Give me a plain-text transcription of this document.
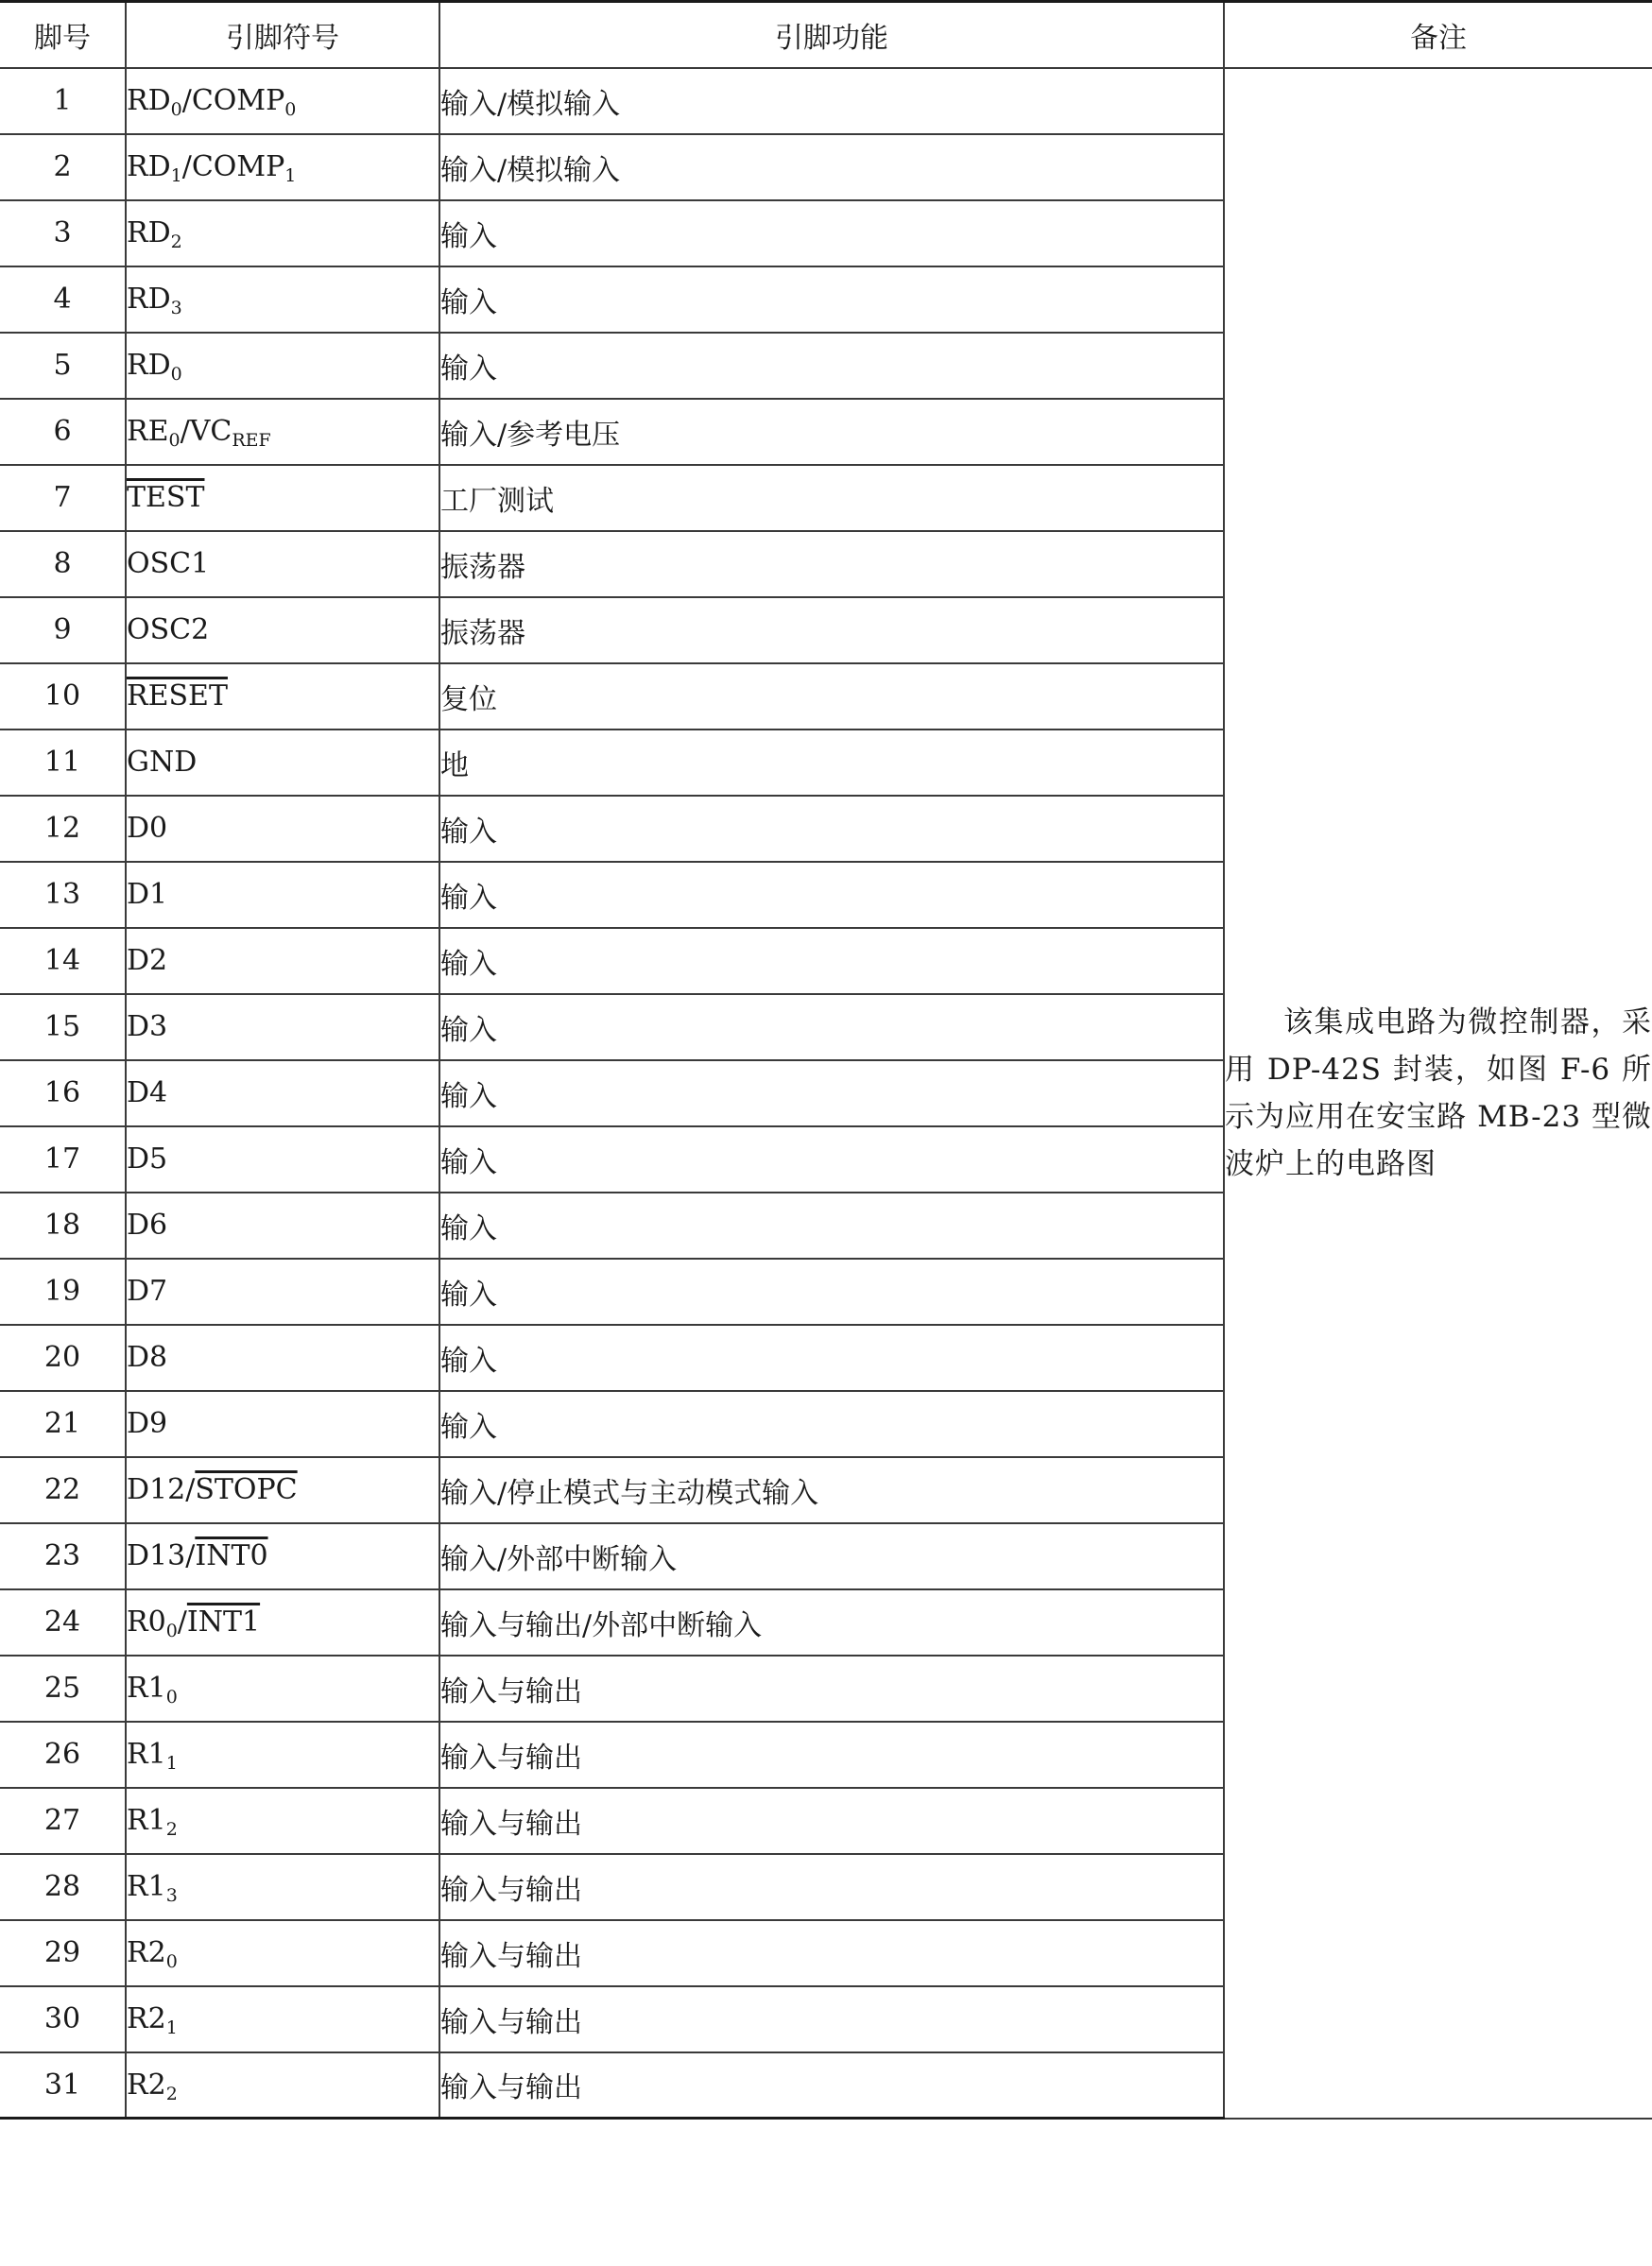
脚号	引脚符号	引脚功能	备注
1	$RD_0/COMP_0$	输入/模拟输入	该集成电路为微控制器，采用 DP-42S 封装，如图 F-6 所示为应用在安宝路 MB-23 型微波炉上的电路图

2	$RD_1/COMP_1$	输入/模拟输入	
3	$RD_2$	输入	
4	$RD_3$	输入	
5	$RD_0$	输入	
6	$RE_0/VC_{REF}$	输入/参考电压	
7	TEST	工厂测试	
8	OSC1	振荡器	
9	OSC2	振荡器	
10	RESET	复位	
11	GND	地	
12	D0	输入	
13	D1	输入	
14	D2	输入	
15	D3	输入	
16	D4	输入	
17	D5	输入	
18	D6	输入	
19	D7	输入	
20	D8	输入	
21	D9	输入	
22	D12/STOPC	输入/停止模式与主动模式输入	
23	D13/INT0	输入/外部中断输入	
24	$R0_0/INT1$	输入与输出/外部中断输入	
25	$R1_0$	输入与输出	
26	$R1_1$	输入与输出	
27	$R1_2$	输入与输出	
28	$R1_3$	输入与输出	
29	$R2_0$	输入与输出	
30	$R2_1$	输入与输出	
31	$R2_2$	输入与输出	
